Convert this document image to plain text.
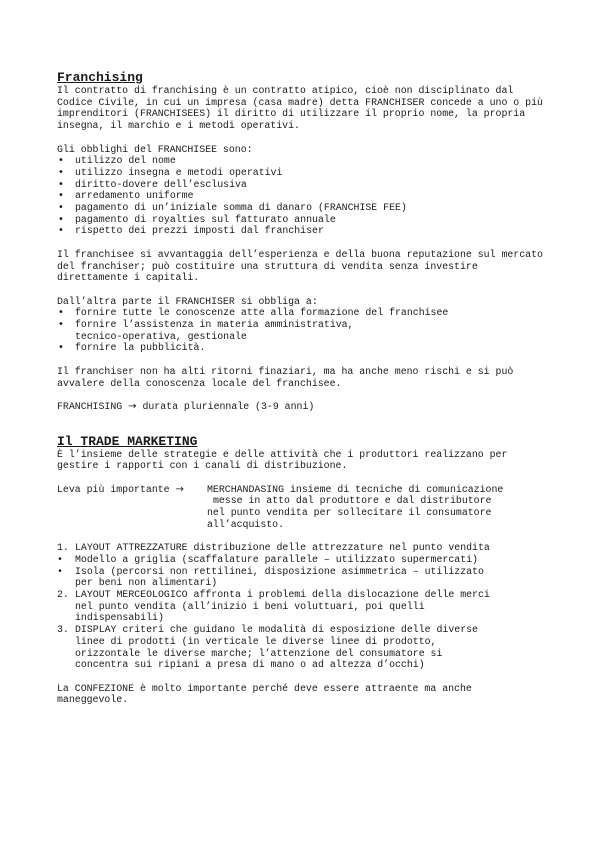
Franchising

Il contratto di franchising è un contratto atipico, cioè non disciplinato dal Codice Civile, in cui un impresa (casa madre) detta FRANCHISER concede a uno o più imprenditori (FRANCHISEES) il diritto di utilizzare il proprio nome, la propria insegna, il marchio e i metodi operativi.

Gli obblighi del FRANCHISEE sono:

• utilizzo del nome
• utilizzo insegna e metodi operativi
• diritto-dovere dell’esclusiva
• arredamento uniforme
• pagamento di un’iniziale somma di danaro (FRANCHISE FEE)
• pagamento di royalties sul fatturato annuale
• rispetto dei prezzi imposti dal franchiser

Il franchisee si avvantaggia dell’esperienza e della buona reputazione sul mercato del franchiser; può costituire una struttura di vendita senza investire direttamente i capitali.

Dall’altra parte il FRANCHISER si obbliga a:

• fornire tutte le conoscenze atte alla formazione del franchisee
• fornire l’assistenza in materia amministrativa,
tecnico-operativa, gestionale
• fornire la pubblicità.

Il franchiser non ha alti ritorni finaziari, ma ha anche meno rischi e si può avvalere della conoscenza locale del franchisee.

FRANCHISING → durata pluriennale (3-9 anni)

Il TRADE MARKETING

È l’insieme delle strategie e delle attività che i produttori realizzano per gestire i rapporti con i canali di distribuzione.

Leva più importante →	MERCHANDASING insieme di tecniche di comunicazione
messe in atto dal produttore e dal distributore
nel punto vendita per sollecitare il consumatore
all’acquisto.
1. LAYOUT ATTREZZATURE distribuzione delle attrezzature nel punto vendita
• Modello a griglia (scaffalature parallele – utilizzato supermercati)
• Isola (percorsi non rettilinei, disposizione asimmetrica – utilizzato
per beni non alimentari)
2. LAYOUT MERCEOLOGICO affronta i problemi della dislocazione delle merci
nel punto vendita (all’inizio i beni voluttuari, poi quelli
indispensabili)
3. DISPLAY criteri che guidano le modalità di esposizione delle diverse
linee di prodotti (in verticale le diverse linee di prodotto,
orizzontale le diverse marche; l’attenzione del consumatore si
concentra sui ripiani a presa di mano o ad altezza d’occhi)

La CONFEZIONE è molto importante perché deve essere attraente ma anche maneggevole.
